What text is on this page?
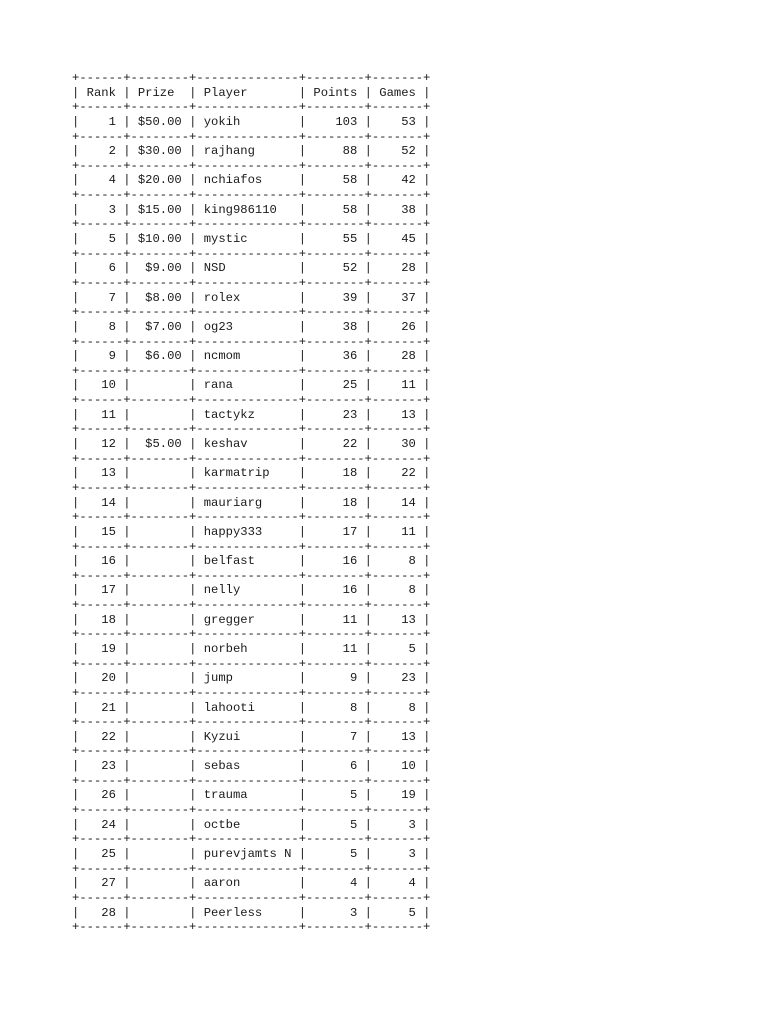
+------+--------+--------------+--------+-------+
| Rank | Prize  | Player       | Points | Games |
+------+--------+--------------+--------+-------+
|    1 | $50.00 | yokih        |    103 |    53 |
+------+--------+--------------+--------+-------+
|    2 | $30.00 | rajhang      |     88 |    52 |
+------+--------+--------------+--------+-------+
|    4 | $20.00 | nchiafos     |     58 |    42 |
+------+--------+--------------+--------+-------+
|    3 | $15.00 | king986110   |     58 |    38 |
+------+--------+--------------+--------+-------+
|    5 | $10.00 | mystic       |     55 |    45 |
+------+--------+--------------+--------+-------+
|    6 |  $9.00 | NSD          |     52 |    28 |
+------+--------+--------------+--------+-------+
|    7 |  $8.00 | rolex        |     39 |    37 |
+------+--------+--------------+--------+-------+
|    8 |  $7.00 | og23         |     38 |    26 |
+------+--------+--------------+--------+-------+
|    9 |  $6.00 | ncmom        |     36 |    28 |
+------+--------+--------------+--------+-------+
|   10 |	| rana         |     25 |    11 |
+------+--------+--------------+--------+-------+
|   11 |	| tactykz      |     23 |    13 |
+------+--------+--------------+--------+-------+
|   12 |  $5.00 | keshav       |     22 |    30 |
+------+--------+--------------+--------+-------+
|   13 |	| karmatrip    |     18 |    22 |
+------+--------+--------------+--------+-------+
|   14 |	| mauriarg     |     18 |    14 |
+------+--------+--------------+--------+-------+
|   15 |	| happy333     |     17 |    11 |
+------+--------+--------------+--------+-------+
|   16 |	| belfast      |     16 |     8 |
+------+--------+--------------+--------+-------+
|   17 |	| nelly        |     16 |     8 |
+------+--------+--------------+--------+-------+
|   18 |	| gregger      |     11 |    13 |
+------+--------+--------------+--------+-------+
|   19 |	| norbeh       |     11 |     5 |
+------+--------+--------------+--------+-------+
|   20 |	| jump         |      9 |    23 |
+------+--------+--------------+--------+-------+
|   21 |	| lahooti      |      8 |     8 |
+------+--------+--------------+--------+-------+
|   22 |	| Kyzui        |      7 |    13 |
+------+--------+--------------+--------+-------+
|   23 |	| sebas        |      6 |    10 |
+------+--------+--------------+--------+-------+
|   26 |	| trauma       |      5 |    19 |
+------+--------+--------------+--------+-------+
|   24 |	| octbe        |      5 |     3 |
+------+--------+--------------+--------+-------+
|   25 |	| purevjamts N |      5 |     3 |
+------+--------+--------------+--------+-------+
|   27 |	| aaron        |      4 |     4 |
+------+--------+--------------+--------+-------+
|   28 |	| Peerless     |      3 |     5 |
+------+--------+--------------+--------+-------+
